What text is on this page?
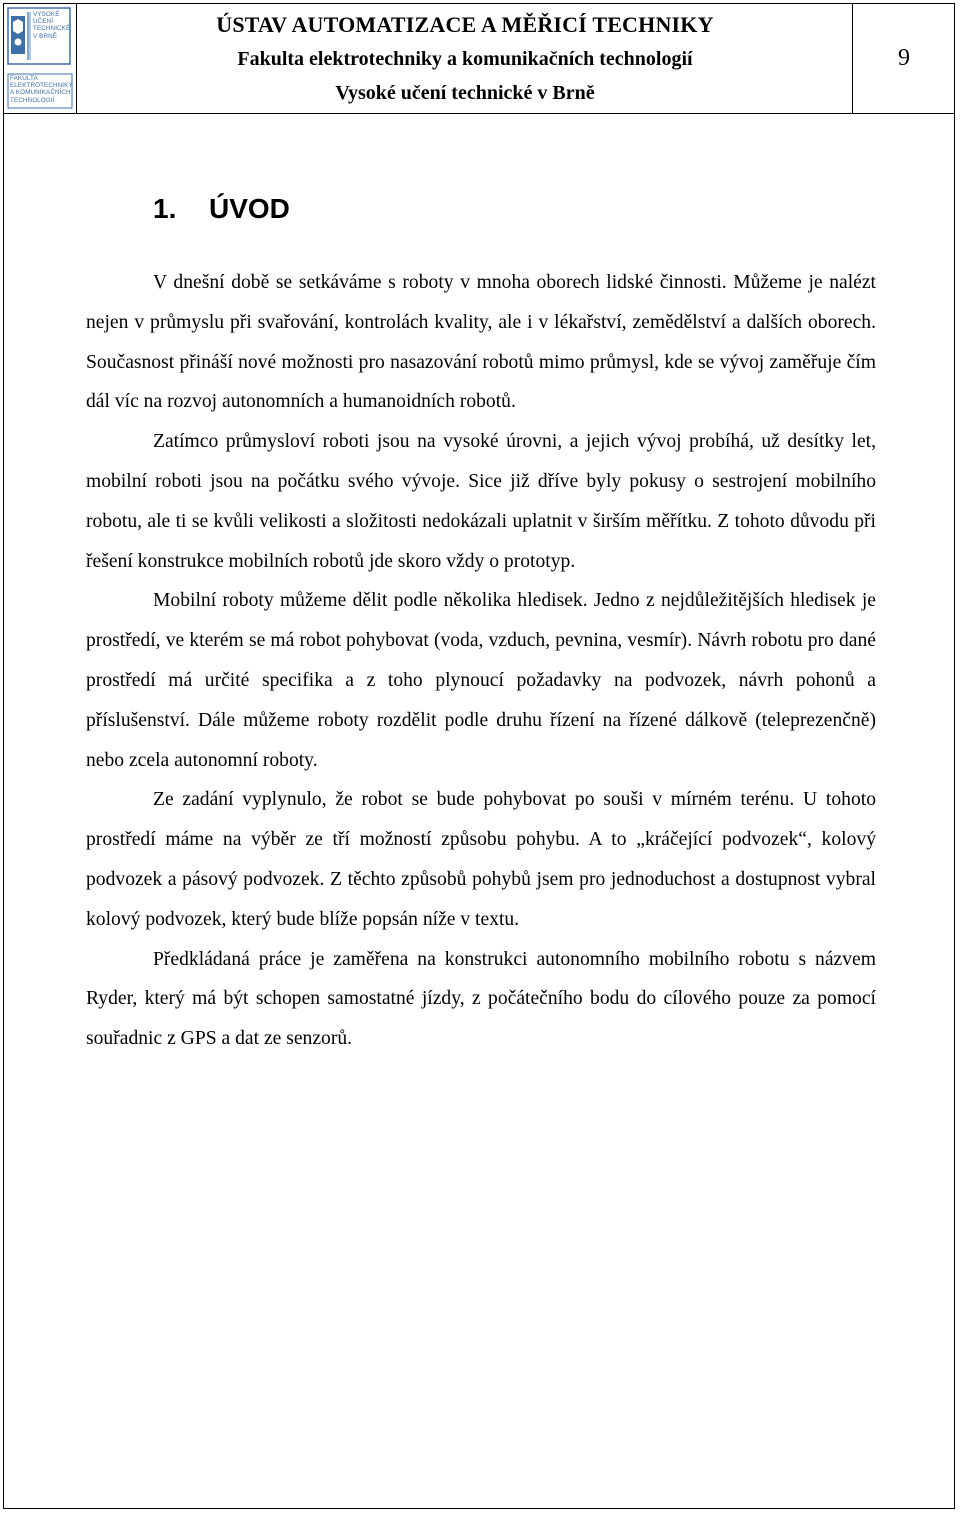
VYSOKÉ
UČENÍ
TECHNICKÉ
V BRNĚ
FAKULTA
ELEKTROTECHNIKY
A KOMUNIKAČNÍCH
TECHNOLOGIÍ
ÚSTAV AUTOMATIZACE A MĚŘICÍ TECHNIKY
Fakulta elektrotechniky a komunikačních technologií
Vysoké učení technické v Brně
9
1. ÚVOD

V dnešní době se setkáváme s roboty v mnoha oborech lidské činnosti. Můžeme je nalézt nejen v průmyslu při svařování, kontrolách kvality, ale i v lékařství, zemědělství a dalších oborech. Současnost přináší nové možnosti pro nasazování robotů mimo průmysl, kde se vývoj zaměřuje čím dál víc na rozvoj autonomních a humanoidních robotů.

Zatímco průmysloví roboti jsou na vysoké úrovni, a jejich vývoj probíhá, už desítky let, mobilní roboti jsou na počátku svého vývoje. Sice již dříve byly pokusy o sestrojení mobilního robotu, ale ti se kvůli velikosti a složitosti nedokázali uplatnit v širším měřítku. Z tohoto důvodu při řešení konstrukce mobilních robotů jde skoro vždy o prototyp.

Mobilní roboty můžeme dělit podle několika hledisek. Jedno z nejdůležitějších hledisek je prostředí, ve kterém se má robot pohybovat (voda, vzduch, pevnina, vesmír). Návrh robotu pro dané prostředí má určité specifika a z toho plynoucí požadavky na podvozek, návrh pohonů a příslušenství. Dále můžeme roboty rozdělit podle druhu řízení na řízené dálkově (teleprezenčně) nebo zcela autonomní roboty.

Ze zadání vyplynulo, že robot se bude pohybovat po souši v mírném terénu. U tohoto prostředí máme na výběr ze tří možností způsobu pohybu. A to „kráčející podvozek“, kolový podvozek a pásový podvozek. Z těchto způsobů pohybů jsem pro jednoduchost a dostupnost vybral kolový podvozek, který bude blíže popsán níže v textu.

Předkládaná práce je zaměřena na konstrukci autonomního mobilního robotu s názvem Ryder, který má být schopen samostatné jízdy, z počátečního bodu do cílového pouze za pomocí souřadnic z GPS a dat ze senzorů.
